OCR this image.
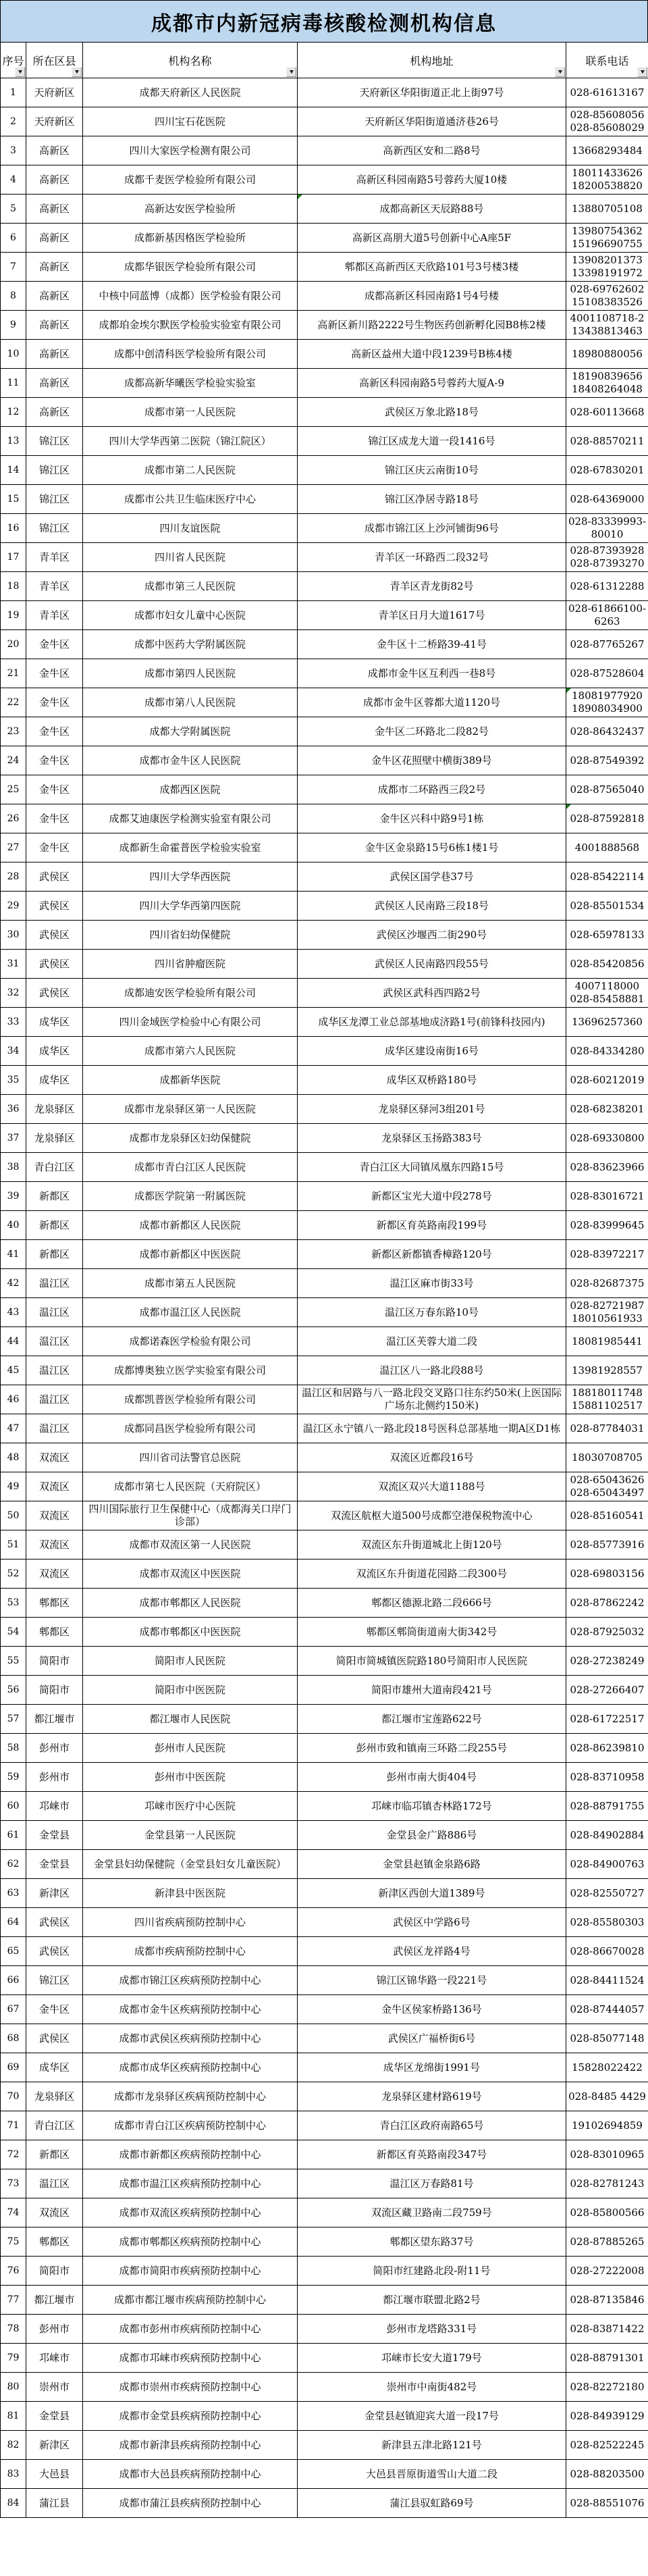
成都市内新冠病毒核酸检测机构信息
序号	所在区县	机构名称	机构地址	联系电话

1	天府新区	成都天府新区人民医院	天府新区华阳街道正北上街97号	028-61613167

2	天府新区	四川宝石花医院	天府新区华阳街道通济巷26号	028-85608056
028-85608029

3	高新区	四川大家医学检测有限公司	高新西区安和二路8号	13668293484

4	高新区	成都千麦医学检验所有限公司	高新区科园南路5号蓉药大厦10楼	18011433626
18200538820

5	高新区	高新达安医学检验所	成都高新区天辰路88号	13880705108

6	高新区	成都新基因格医学检验所	高新区高朋大道5号创新中心A座5F	13980754362
15196690755

7	高新区	成都华银医学检验所有限公司	郫都区高新西区天欣路101号3号楼3楼	13908201373
13398191972

8	高新区	中核中同蓝博（成都）医学检验有限公司	成都高新区科园南路1号4号楼	028-69762602
15108383526

9	高新区	成都珀金埃尔默医学检验实验室有限公司	高新区新川路2222号生物医药创新孵化园B8栋2楼	4001108718-2
13438813463

10	高新区	成都中创清科医学检验所有限公司	高新区益州大道中段1239号B栋4楼	18980880056

11	高新区	成都高新华曦医学检验实验室	高新区科园南路5号蓉药大厦A-9	18190839656
18408264048

12	高新区	成都市第一人民医院	武侯区万象北路18号	028-60113668

13	锦江区	四川大学华西第二医院（锦江院区）	锦江区成龙大道一段1416号	028-88570211

14	锦江区	成都市第二人民医院	锦江区庆云南街10号	028-67830201

15	锦江区	成都市公共卫生临床医疗中心	锦江区净居寺路18号	028-64369000

16	锦江区	四川友谊医院	成都市锦江区上沙河铺街96号	028-83339993-
80010

17	青羊区	四川省人民医院	青羊区一环路西二段32号	028-87393928
028-87393270

18	青羊区	成都市第三人民医院	青羊区青龙街82号	028-61312288

19	青羊区	成都市妇女儿童中心医院	青羊区日月大道1617号	028-61866100-
6263

20	金牛区	成都中医药大学附属医院	金牛区十二桥路39-41号	028-87765267

21	金牛区	成都市第四人民医院	成都市金牛区互利西一巷8号	028-87528604

22	金牛区	成都市第八人民医院	成都市金牛区蓉都大道1120号	18081977920
18908034900

23	金牛区	成都大学附属医院	金牛区二环路北二段82号	028-86432437

24	金牛区	成都市金牛区人民医院	金牛区花照壁中横街389号	028-87549392

25	金牛区	成都西区医院	成都市二环路西三段2号	028-87565040

26	金牛区	成都艾迪康医学检测实验室有限公司	金牛区兴科中路9号1栋	028-87592818

27	金牛区	成都新生命霍普医学检验实验室	金牛区金泉路15号6栋1楼1号	4001888568

28	武侯区	四川大学华西医院	武侯区国学巷37号	028-85422114

29	武侯区	四川大学华西第四医院	武侯区人民南路三段18号	028-85501534

30	武侯区	四川省妇幼保健院	武侯区沙堰西二街290号	028-65978133

31	武侯区	四川省肿瘤医院	武侯区人民南路四段55号	028-85420856

32	武侯区	成都迪安医学检验所有限公司	武侯区武科西四路2号	4007118000
028-85458881

33	成华区	四川金域医学检验中心有限公司	成华区龙潭工业总部基地成济路1号(前锋科技园内)	13696257360

34	成华区	成都市第六人民医院	成华区建设南街16号	028-84334280

35	成华区	成都新华医院	成华区双桥路180号	028-60212019

36	龙泉驿区	成都市龙泉驿区第一人民医院	龙泉驿区驿河3组201号	028-68238201

37	龙泉驿区	成都市龙泉驿区妇幼保健院	龙泉驿区玉扬路383号	028-69330800

38	青白江区	成都市青白江区人民医院	青白江区大同镇凤凰东四路15号	028-83623966

39	新都区	成都医学院第一附属医院	新都区宝光大道中段278号	028-83016721

40	新都区	成都市新都区人民医院	新都区育英路南段199号	028-83999645

41	新都区	成都市新都区中医医院	新都区新都镇香樟路120号	028-83972217

42	温江区	成都市第五人民医院	温江区麻市街33号	028-82687375

43	温江区	成都市温江区人民医院	温江区万春东路10号	028-82721987
18010561933

44	温江区	成都诺森医学检验有限公司	温江区芙蓉大道二段	18081985441

45	温江区	成都博奥独立医学实验室有限公司	温江区八一路北段88号	13981928557

46	温江区	成都凯普医学检验所有限公司	温江区和居路与八一路北段交叉路口往东约50米(上医国际广场东北侧约150米)	18818011748
15881102517

47	温江区	成都同昌医学检验所有限公司	温江区永宁镇八一路北段18号医科总部基地一期A区D1栋	028-87784031

48	双流区	四川省司法警官总医院	双流区近都段16号	18030708705

49	双流区	成都市第七人民医院（天府院区）	双流区双兴大道1188号	028-65043626
028-65043497

50	双流区	四川国际旅行卫生保健中心（成都海关口岸门诊部）	双流区航枢大道500号成都空港保税物流中心	028-85160541

51	双流区	成都市双流区第一人民医院	双流区东升街道城北上街120号	028-85773916

52	双流区	成都市双流区中医医院	双流区东升街道花园路二段300号	028-69803156

53	郫都区	成都市郫都区人民医院	郫都区德源北路二段666号	028-87862242

54	郫都区	成都市郫都区中医医院	郫都区郫筒街道南大街342号	028-87925032

55	简阳市	简阳市人民医院	简阳市简城镇医院路180号简阳市人民医院	028-27238249

56	简阳市	简阳市中医医院	简阳市雄州大道南段421号	028-27266407

57	都江堰市	都江堰市人民医院	都江堰市宝莲路622号	028-61722517

58	彭州市	彭州市人民医院	彭州市致和镇南三环路二段255号	028-86239810

59	彭州市	彭州市中医医院	彭州市南大街404号	028-83710958

60	邛崃市	邛崃市医疗中心医院	邛崃市临邛镇杏林路172号	028-88791755

61	金堂县	金堂县第一人民医院	金堂县金广路886号	028-84902884

62	金堂县	金堂县妇幼保健院（金堂县妇女儿童医院）	金堂县赵镇金泉路6路	028-84900763

63	新津区	新津县中医医院	新津区西创大道1389号	028-82550727

64	武侯区	四川省疾病预防控制中心	武侯区中学路6号	028-85580303

65	武侯区	成都市疾病预防控制中心	武侯区龙祥路4号	028-86670028

66	锦江区	成都市锦江区疾病预防控制中心	锦江区锦华路一段221号	028-84411524

67	金牛区	成都市金牛区疾病预防控制中心	金牛区侯家桥路136号	028-87444057

68	武侯区	成都市武侯区疾病预防控制中心	武侯区广福桥街6号	028-85077148

69	成华区	成都市成华区疾病预防控制中心	成华区龙绵街1991号	15828022422

70	龙泉驿区	成都市龙泉驿区疾病预防控制中心	龙泉驿区建材路619号	028-8485 4429

71	青白江区	成都市青白江区疾病预防控制中心	青白江区政府南路65号	19102694859

72	新都区	成都市新都区疾病预防控制中心	新都区育英路南段347号	028-83010965

73	温江区	成都市温江区疾病预防控制中心	温江区万春路81号	028-82781243

74	双流区	成都市双流区疾病预防控制中心	双流区藏卫路南二段759号	028-85800566

75	郫都区	成都市郫都区疾病预防控制中心	郫都区望东路37号	028-87885265

76	简阳市	成都市简阳市疾病预防控制中心	简阳市红建路北段-附11号	028-27222008

77	都江堰市	成都市都江堰市疾病预防控制中心	都江堰市联盟北路2号	028-87135846

78	彭州市	成都市彭州市疾病预防控制中心	彭州市龙塔路331号	028-83871422

79	邛崃市	成都市邛崃市疾病预防控制中心	邛崃市长安大道179号	028-88791301

80	崇州市	成都市崇州市疾病预防控制中心	崇州市中南街482号	028-82272180

81	金堂县	成都市金堂县疾病预防控制中心	金堂县赵镇迎宾大道一段17号	028-84939129

82	新津区	成都市新津县疾病预防控制中心	新津县五津北路121号	028-82522245

83	大邑县	成都市大邑县疾病预防控制中心	大邑县晋原街道雪山大道二段	028-88203500

84	蒲江县	成都市蒲江县疾病预防控制中心	蒲江县驭虹路69号	028-88551076
